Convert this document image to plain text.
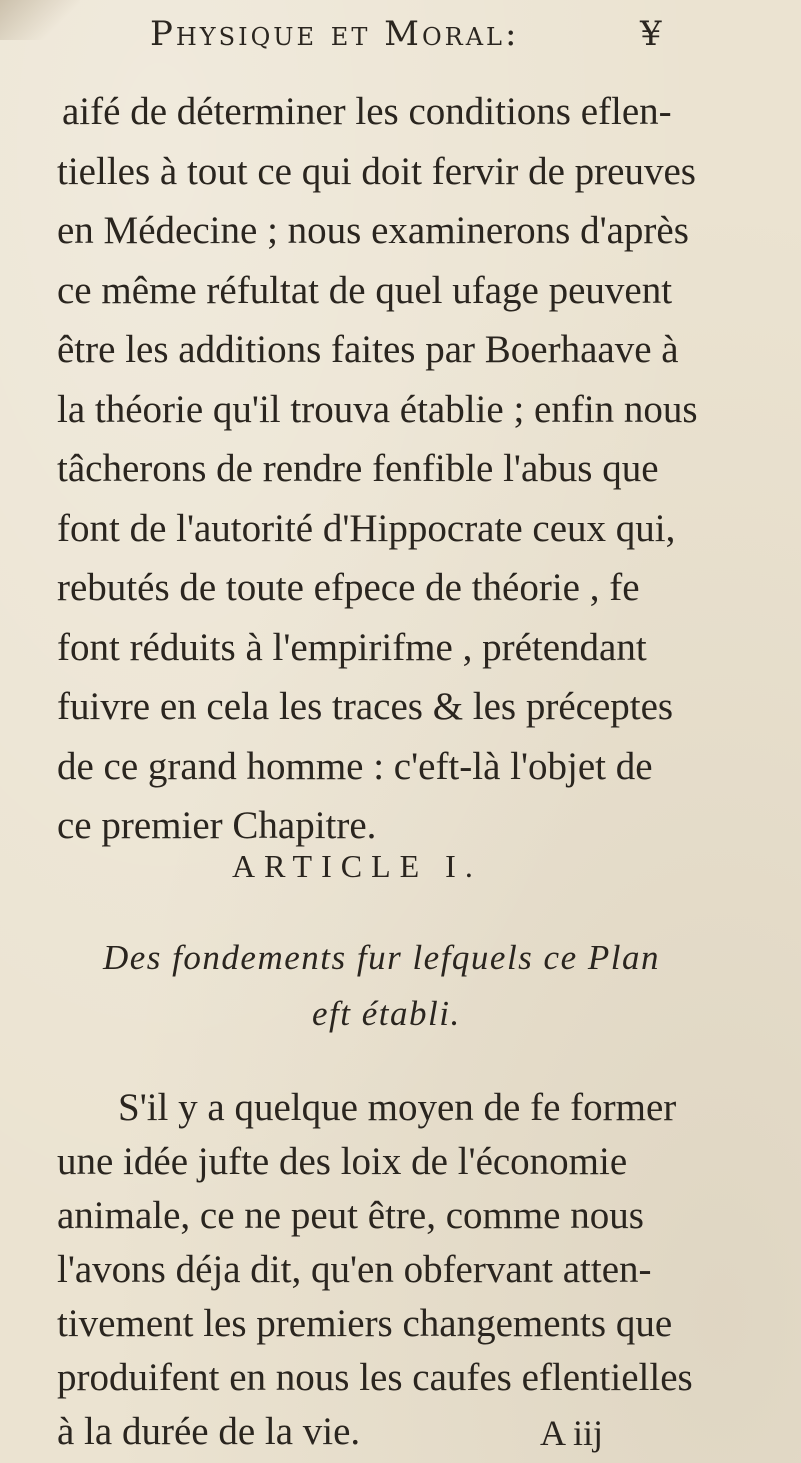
Physique et Moral:	¥
aifé de déterminer les conditions eflen-
tielles à tout ce qui doit fervir de preuves
en Médecine ; nous examinerons d'après
ce même réfultat de quel ufage peuvent
être les additions faites par Boerhaave à
la théorie qu'il trouva établie ; enfin nous
tâcherons de rendre fenfible l'abus que
font de l'autorité d'Hippocrate ceux qui,
rebutés de toute efpece de théorie , fe
font réduits à l'empirifme , prétendant
fuivre en cela les traces & les préceptes
de ce grand homme : c'eft-là l'objet de
ce premier Chapitre.
ARTICLE I.
Des fondements fur lefquels ce Plan
eft établi.
S'il y a quelque moyen de fe former
une idée jufte des loix de l'économie
animale, ce ne peut être, comme nous
l'avons déja dit, qu'en obfervant atten-
tivement les premiers changements que
produifent en nous les caufes eflentielles
à la durée de la vie.	A iij
